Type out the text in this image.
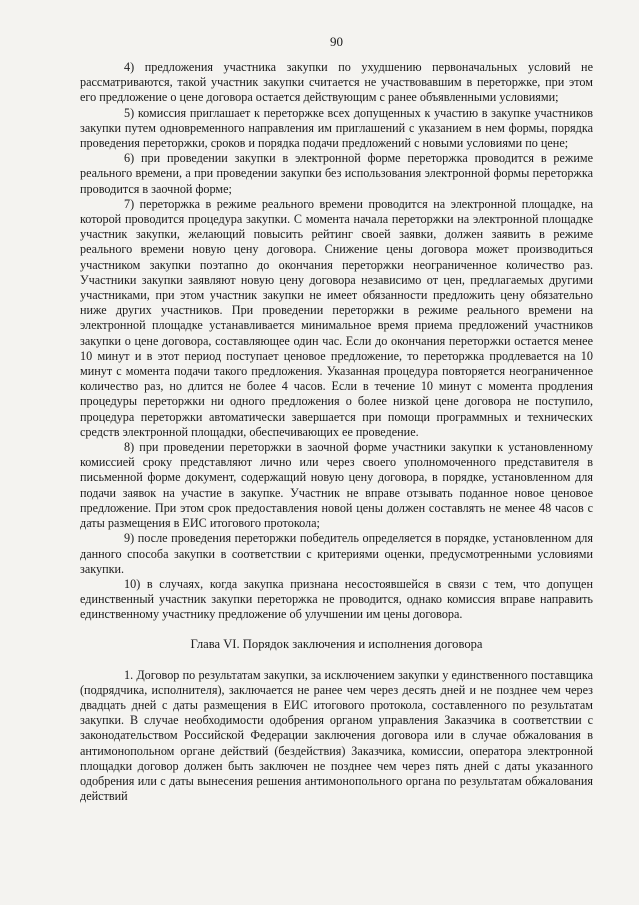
90

4) предложения участника закупки по ухудшению первоначальных условий не рассматриваются, такой участник закупки считается не участвовавшим в переторжке, при этом его предложение о цене договора остается действующим с ранее объявленными условиями;

5) комиссия приглашает к переторжке всех допущенных к участию в закупке участников закупки путем одновременного направления им приглашений с указанием в нем формы, порядка проведения переторжки, сроков и порядка подачи предложений с новыми условиями по цене;

6) при проведении закупки в электронной форме переторжка проводится в режиме реального времени, а при проведении закупки без использования электронной формы переторжка проводится в заочной форме;

7) переторжка в режиме реального времени проводится на электронной площадке, на которой проводится процедура закупки. С момента начала переторжки на электронной площадке участник закупки, желающий повысить рейтинг своей заявки, должен заявить в режиме реального времени новую цену договора. Снижение цены договора может производиться участником закупки поэтапно до окончания переторжки неограниченное количество раз. Участники закупки заявляют новую цену договора независимо от цен, предлагаемых другими участниками, при этом участник закупки не имеет обязанности предложить цену обязательно ниже других участников. При проведении переторжки в режиме реального времени на электронной площадке устанавливается минимальное время приема предложений участников закупки о цене договора, составляющее один час. Если до окончания переторжки остается менее 10 минут и в этот период поступает ценовое предложение, то переторжка продлевается на 10 минут с момента подачи такого предложения. Указанная процедура повторяется неограниченное количество раз, но длится не более 4 часов. Если в течение 10 минут с момента продления процедуры переторжки ни одного предложения о более низкой цене договора не поступило, процедура переторжки автоматически завершается при помощи программных и технических средств электронной площадки, обеспечивающих ее проведение.

8) при проведении переторжки в заочной форме участники закупки к установленному комиссией сроку представляют лично или через своего уполномоченного представителя в письменной форме документ, содержащий новую цену договора, в порядке, установленном для подачи заявок на участие в закупке. Участник не вправе отзывать поданное новое ценовое предложение. При этом срок предоставления новой цены должен составлять не менее 48 часов с даты размещения в ЕИС итогового протокола;

9) после проведения переторжки победитель определяется в порядке, установленном для данного способа закупки в соответствии с критериями оценки, предусмотренными условиями закупки.

10) в случаях, когда закупка признана несостоявшейся в связи с тем, что допущен единственный участник закупки переторжка не проводится, однако комиссия вправе направить единственному участнику предложение об улучшении им цены договора.

Глава VI. Порядок заключения и исполнения договора

1. Договор по результатам закупки, за исключением закупки у единственного поставщика (подрядчика, исполнителя), заключается не ранее чем через десять дней и не позднее чем через двадцать дней с даты размещения в ЕИС итогового протокола, составленного по результатам закупки. В случае необходимости одобрения органом управления Заказчика в соответствии с законодательством Российской Федерации заключения договора или в случае обжалования в антимонопольном органе действий (бездействия) Заказчика, комиссии, оператора электронной площадки договор должен быть заключен не позднее чем через пять дней с даты указанного одобрения или с даты вынесения решения антимонопольного органа по результатам обжалования действий
